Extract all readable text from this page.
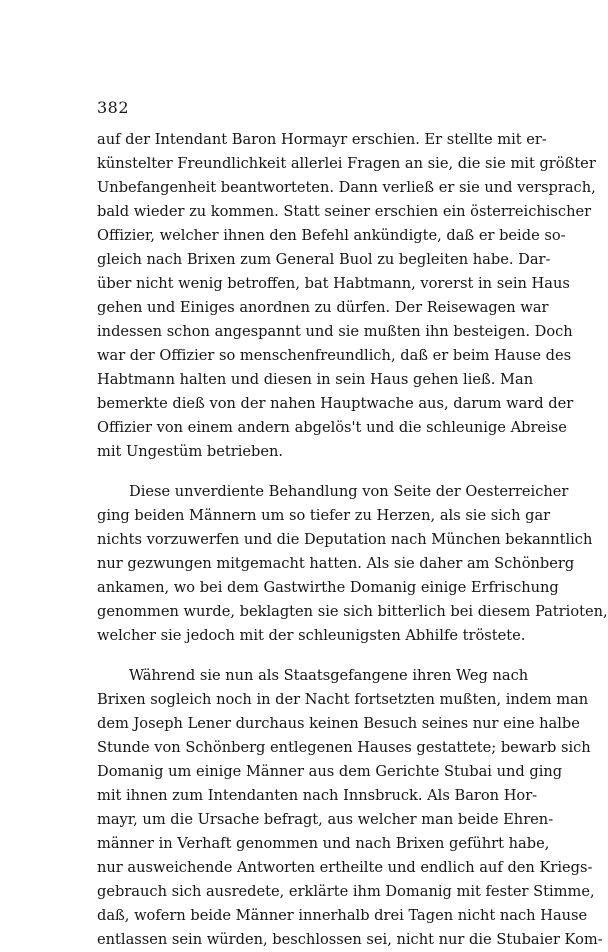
382

auf der Intendant Baron Hormayr erschien. Er stellte mit er-
künstelter Freundlichkeit allerlei Fragen an sie, die sie mit größter
Unbefangenheit beantworteten. Dann verließ er sie und versprach,
bald wieder zu kommen. Statt seiner erschien ein österreichischer
Offizier, welcher ihnen den Befehl ankündigte, daß er beide so-
gleich nach Brixen zum General Buol zu begleiten habe. Dar-
über nicht wenig betroffen, bat Habtmann, vorerst in sein Haus
gehen und Einiges anordnen zu dürfen. Der Reisewagen war
indessen schon angespannt und sie mußten ihn besteigen. Doch
war der Offizier so menschenfreundlich, daß er beim Hause des
Habtmann halten und diesen in sein Haus gehen ließ. Man
bemerkte dieß von der nahen Hauptwache aus, darum ward der
Offizier von einem andern abgelös't und die schleunige Abreise
mit Ungestüm betrieben.

Diese unverdiente Behandlung von Seite der Oesterreicher
ging beiden Männern um so tiefer zu Herzen, als sie sich gar
nichts vorzuwerfen und die Deputation nach München bekanntlich
nur gezwungen mitgemacht hatten. Als sie daher am Schönberg
ankamen, wo bei dem Gastwirthe Domanig einige Erfrischung
genommen wurde, beklagten sie sich bitterlich bei diesem Patrioten,
welcher sie jedoch mit der schleunigsten Abhilfe tröstete.

Während sie nun als Staatsgefangene ihren Weg nach
Brixen sogleich noch in der Nacht fortsetzten mußten, indem man
dem Joseph Lener durchaus keinen Besuch seines nur eine halbe
Stunde von Schönberg entlegenen Hauses gestattete; bewarb sich
Domanig um einige Männer aus dem Gerichte Stubai und ging
mit ihnen zum Intendanten nach Innsbruck. Als Baron Hor-
mayr, um die Ursache befragt, aus welcher man beide Ehren-
männer in Verhaft genommen und nach Brixen geführt habe,
nur ausweichende Antworten ertheilte und endlich auf den Kriegs-
gebrauch sich ausredete, erklärte ihm Domanig mit fester Stimme,
daß, wofern beide Männer innerhalb drei Tagen nicht nach Hause
entlassen sein würden, beschlossen sei, nicht nur die Stubaier Kom-
